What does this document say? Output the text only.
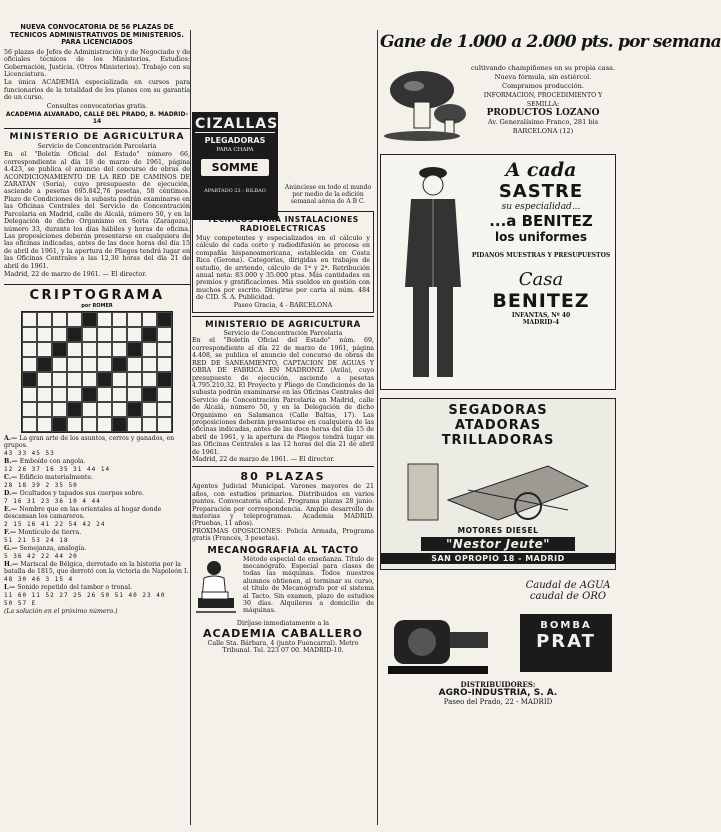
NUEVA CONVOCATORIA DE 56 PLAZAS DE TECNICOS ADMINISTRATIVOS DE MINISTERIOS. PARA LICENCIADOS

56 plazas de Jefes de Administración y de Negociado y de oficiales técnicos de los Ministerios. Estudios: Gobernación, Justicia. (Otros Ministerios). Trabajo con su Licenciatura.

La única ACADEMIA especializada en cursos para funcionarios de la totalidad de los planes con su garantía de un curso.

Consultas convocatorias gratis.

ACADEMIA ALVARADO, CALLE DEL PRADO, 8. MADRID-14
MINISTERIO DE AGRICULTURA
Servicio de Concentración Parcelaria
En el "Boletín Oficial del Estado" número 66, correspondiente al día 18 de marzo de 1961, página 4.423, se publica el anuncio del concurso de obras de ACONDICIONAMIENTO DE LA RED DE CAMINOS DE ZARATAN (Soria), cuyo presupuesto de ejecución, asciende a pesetas 695.842,76 pesetas, 58 céntimos. Plazo de Condiciones de la subasta podrán examinarse en las Oficinas Centrales del Servicio de Concentración Parcelaria en Madrid, calle de Alcalá, número 50, y en la Delegación de dicho Organismo en Soria (Zaragoza), número 33, durante los días hábiles y horas de oficina. Las proposiciones deberán presentarse en cualquiera de las oficinas indicadas, antes de las doce horas del día 15 de abril de 1961, y la apertura de Pliegos tendrá lugar en las Oficinas Centrales a las 12,30 horas del día 21 de abril de 1961.
Madrid, 22 de marzo de 1961. — El director.
CRIPTOGRAMA
por ROMER
A.— La gran arte de los asuntos, cerros y ganados, en grupos.
43 33 45 53
B.— Emboído con angola.
12 26 37 16 35 31 44 14
C.— Edificio materialmente.
28 18 39 2 35 50
D.— Ocultados y tapados sus cuerpos sobre.
7 16 31 23 36 10 4 44
E.— Nombre que en las orientales al hogar donde descansan los camareros.
2 15 16 41 22 54 42 24
F.— Montículo de tierra.
51 21 53 24 18
G.— Semejanza, analogía.
5 36 42 22 44 20
H.— Mariscal de Bélgica, derrotado en la historia por la batalla de 1815, que derrotó con la victoria de Napoleón I.
48 30 46 3 15 4
I.— Sonido repetido del tambor o tronal.
11 60 11 52 27 25 26 50 51 40 23 40
50 57 E
(La solución en el próximo número.)
CIZALLAS
PLEGADORAS
PARA CHAPA
SOMME
APARTADO 22 - BILBAO	Anúnciese en todo el mundo por medio de la edición semanal aérea de A B C.
TECNICOS PARA INSTALACIONES RADIOELECTRICAS
Muy competentes y especializados en el cálculo y cálculo de cada corto y radiodifusión se procesa en compañía hispanoamericana, establecida en Costa Rica (Gerona). Categorías, dirigidas en trabajos de estudio, de arriendo, cálculo de 1ª y 2ª. Retribución anual neta: 83.000 y 35.000 ptas. Más cantidades en premios y gratificaciones. Mis sueldos en gestión con muchos por escrito. Dirigirse por carta al núm. 484 de CID. S. A. Publicidad.
Paseo Gracia, 4 - BARCELONA
MINISTERIO DE AGRICULTURA
Servicio de Concentración Parcelaria
En el "Boletín Oficial del Estado" núm. 69, correspondiente al día 22 de marzo de 1961, página 4.408, se publica el anuncio del concurso de obras de RED DE SANEAMIENTO, CAPTACION DE AGUAS Y OBRA DE FABRICA EN MADRONIZ (Avila), cuyo presupuesto de ejecución, asciende a pesetas 4.795.210,32. El Proyecto y Pliego de Condiciones de la subasta podrán examinarse en las Oficinas Centrales del Servicio de Concentración Parcelaria en Madrid, calle de Alcalá, número 50, y en la Delegación de dicho Organismo en Salamanca (Calle Baltas, 17). Las proposiciones deberán presentarse en cualquiera de las oficinas indicadas, antes de las doce horas del día 15 de abril de 1961, y la apertura de Pliegos tendrá lugar en las Oficinas Centrales a las 12 horas del día 21 de abril de 1961.
Madrid, 22 de marzo de 1961. — El director.
80 PLAZAS
Agentes Judicial Municipal. Varones mayores de 21 años, con estudios primarios. Distribuidos en varios puntos. Convocatoria oficial. Programa plazas 28 junio. Preparación por correspondencia. Amplio desarrollo de materias y teleprogramas. Academia MADRID. (Pruebas, 11 años).
PROXIMAS OPOSICIONES: Policía Armada, Programa gratis (Francés, 3 pesetas).
MECANOGRAFIA AL TACTO
Método especial de enseñanza. Título de mecanógrafo. Especial para clases de todas las máquinas. Todos nuestros alumnos obtienen, al terminar su curso, el título de Mecanógrafo por el sistema al Tacto. Sin examen, plazo de estudios 30 días. Alquileres a domicilio de máquinas.
Diríjase inmediatamente a la
ACADEMIA CABALLERO
Calle Sta. Bárbara, 4 (junto Fuencarral). Metro Tribunal. Tel. 223 07 00. MADRID-10.
Gane de 1.000 a 2.000 pts. por semana
cultivando champiñones en su propia casa.
Nueva fórmula, sin estiércol.
Compramos producción.
INFORMACION, PROCEDIMIENTO Y SEMILLA:
PRODUCTOS LOZANO
Av. Generalísimo Franco, 281 bis
BARCELONA (12)
A cada
SASTRE
su especialidad...
...a BENITEZ
los uniformes
PIDANOS MUESTRAS Y PRESUPUESTOS
Casa
BENITEZ
INFANTAS, Nº 40
MADRID-4
SEGADORAS
ATADORAS
TRILLADORAS
MOTORES DIESEL
"Nestor Jeute"
SAN OPROPIO 18 - MADRID
Caudal de AGUA
caudal de ORO
BOMBA
PRAT
DISTRIBUIDORES:
AGRO-INDUSTRIA, S. A.
Paseo del Prado, 22 - MADRID
